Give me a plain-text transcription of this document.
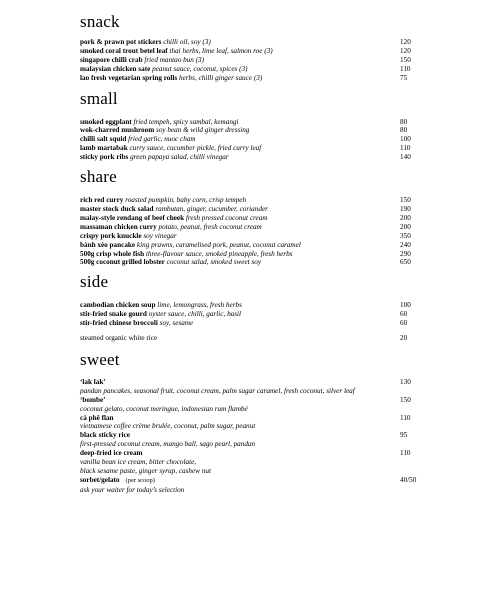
snack
pork & prawn pot stickers chilli oil, soy (3)	120
smoked coral trout betel leaf thai herbs, lime leaf, salmon roe (3)	120
singapore chilli crab fried mantao bun (3)	150
malaysian chicken sate peanut sauce, coconut, spices (3)	110
lao fresh vegetarian spring rolls herbs, chilli ginger sauce (3)	75
small
smoked eggplant fried tempeh, spicy sambal, kemangi	80
wok-charred mushroom soy bean & wild ginger dressing	80
chilli salt squid fried garlic, nuoc cham	100
lamb martabak curry sauce, cucumber pickle, fried curry leaf	110
sticky pork ribs green papaya salad, chilli vinegar	140
share
rich red curry roasted pumpkin, baby corn, crisp tempeh	150
master stock duck salad rambutan, ginger, cucumber, coriander	190
malay-style rendang of beef cheek fresh pressed coconut cream	200
massaman chicken curry potato, peanut, fresh coconut cream	200
crispy pork knuckle soy vinegar	350
bánh xèo pancake king prawns, caramelised pork, peanut, coconut caramel	240
500g crisp whole fish three-flavour sauce, smoked pineapple, fresh herbs	290
500g coconut grilled lobster coconut salad, smoked sweet soy	650
side
cambodian chicken soup lime, lemongrass, fresh herbs	100
stir-fried snake gourd oyster sauce, chilli, garlic, basil	60
stir-fried chinese broccoli soy, sesame	60
steamed organic white rice	20
sweet
‘lak lak’	130
pandan pancakes, seasonal fruit, coconut cream, palm sugar caramel, fresh coconut, silver leaf
‘bombe’	150
coconut gelato, coconut meringue, indonesian rum flambé
cà phê flan	110
vietnamese coffee crème brulée, coconut, palm sugar, peanut
black sticky rice	95
first-pressed coconut cream, mango ball, sago pearl, pandan
deep-fried ice cream	110
vanilla bean ice cream, bitter chocolate,
black sesame paste, ginger syrup, cashew nut
sorbet/gelato (per scoop)	40/50
ask your waiter for today’s selection
